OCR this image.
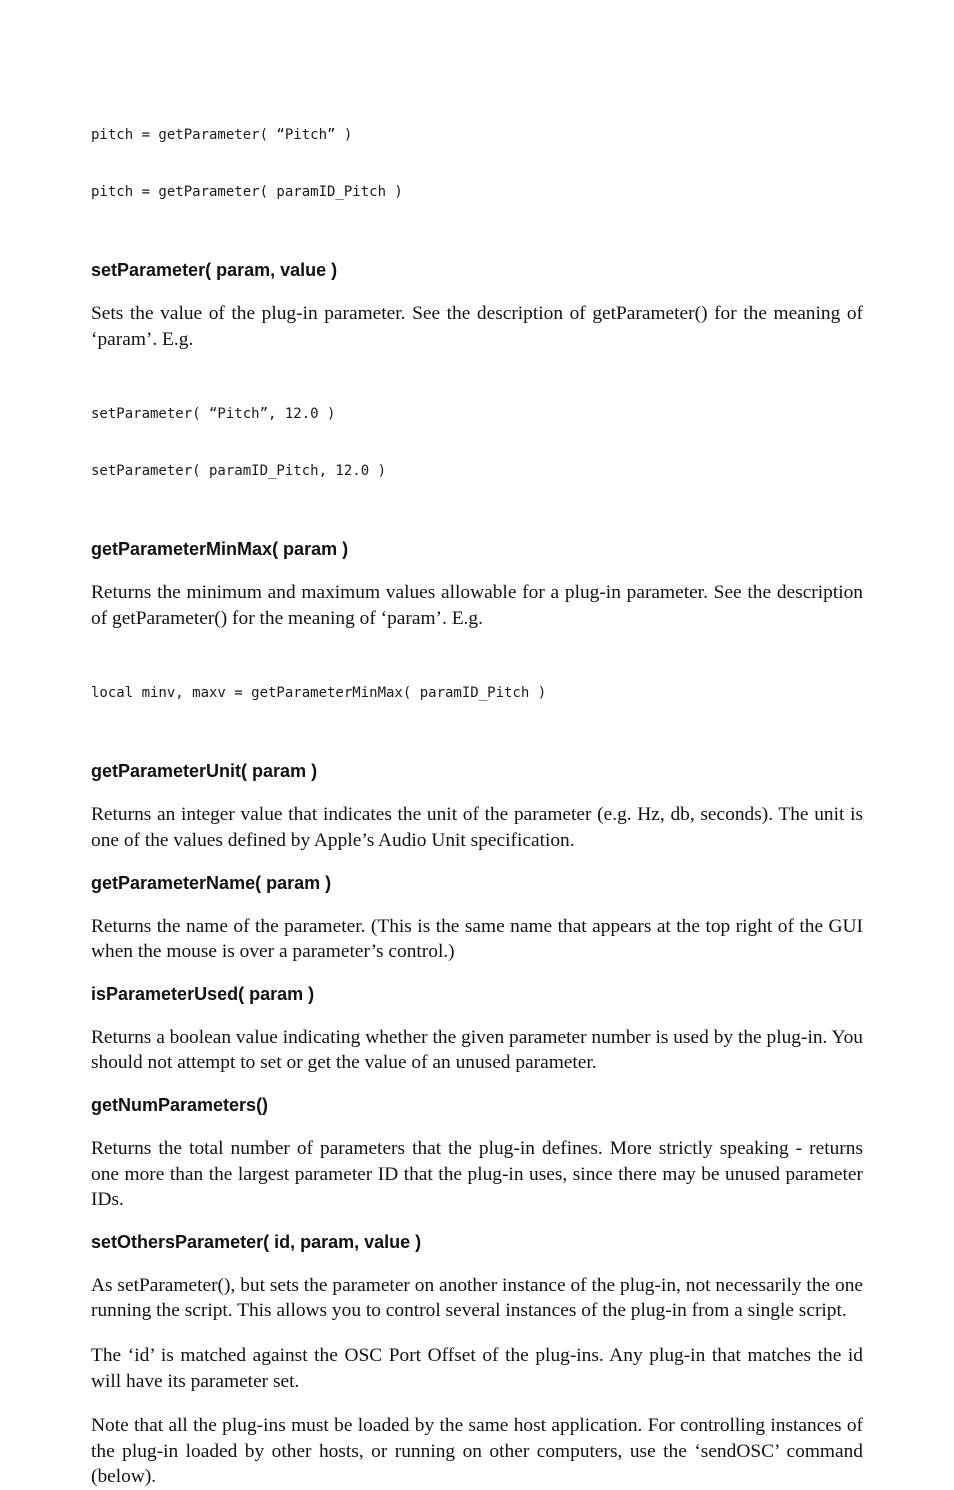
pitch = getParameter( “Pitch” )

pitch = getParameter( paramID_Pitch )

setParameter( param, value )

Sets the value of the plug-in parameter. See the description of getParameter() for the meaning of ‘param’. E.g.

setParameter( “Pitch”, 12.0 )

setParameter( paramID_Pitch, 12.0 )

getParameterMinMax( param )

Returns the minimum and maximum values allowable for a plug-in parameter. See the description of getParameter() for the meaning of ‘param’. E.g.

local minv, maxv = getParameterMinMax( paramID_Pitch )

getParameterUnit( param )

Returns an integer value that indicates the unit of the parameter (e.g. Hz, db, seconds). The unit is one of the values defined by Apple’s Audio Unit specification.

getParameterName( param )

Returns the name of the parameter. (This is the same name that appears at the top right of the GUI when the mouse is over a parameter’s control.)

isParameterUsed( param )

Returns a boolean value indicating whether the given parameter number is used by the plug-in. You should not attempt to set or get the value of an unused parameter.

getNumParameters()

Returns the total number of parameters that the plug-in defines. More strictly speaking - returns one more than the largest parameter ID that the plug-in uses, since there may be unused parameter IDs.

setOthersParameter( id, param, value )

As setParameter(), but sets the parameter on another instance of the plug-in, not necessarily the one running the script. This allows you to control several instances of the plug-in from a single script.

The ‘id’ is matched against the OSC Port Offset of the plug-ins. Any plug-in that matches the id will have its parameter set.

Note that all the plug-ins must be loaded by the same host application. For controlling instances of the plug-in loaded by other hosts, or running on other computers, use the ‘sendOSC’ command (below).
